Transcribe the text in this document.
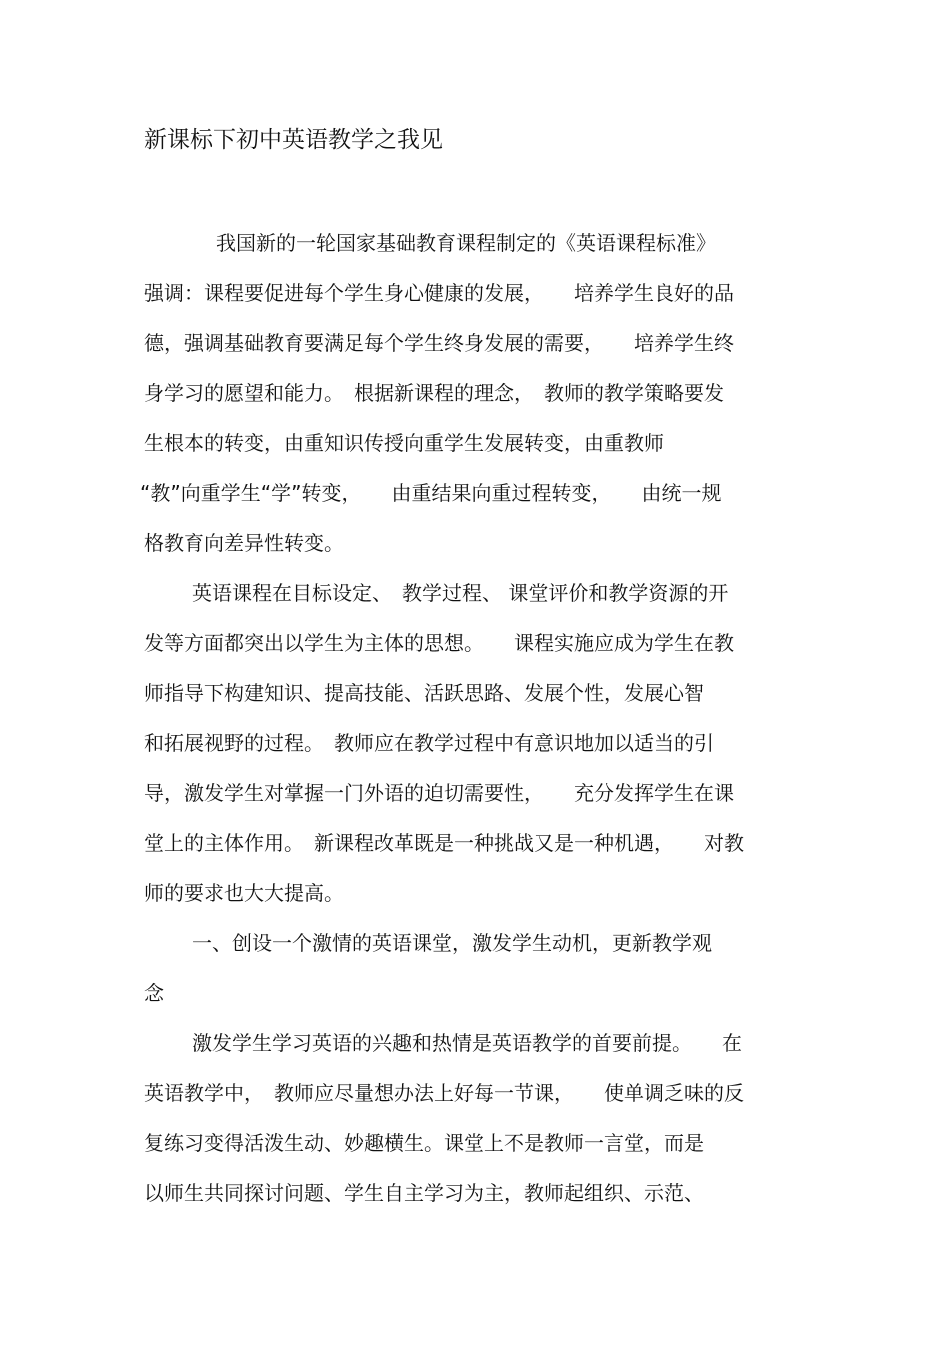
新课标下初中英语教学之我见
我国新的一轮国家基础教育课程制定的《英语课程标准》
强调：课程要促进每个学生身心健康的发展，　　培养学生良好的品
德，强调基础教育要满足每个学生终身发展的需要，　　培养学生终
身学习的愿望和能力。　根据新课程的理念，　教师的教学策略要发
生根本的转变，由重知识传授向重学生发展转变，由重教师
“教”向重学生“学”转变，　　由重结果向重过程转变，　　由统一规
格教育向差异性转变。
英语课程在目标设定、　教学过程、 课堂评价和教学资源的开
发等方面都突出以学生为主体的思想。　　课程实施应成为学生在教
师指导下构建知识、提高技能、活跃思路、发展个性，发展心智
和拓展视野的过程。　教师应在教学过程中有意识地加以适当的引
导，激发学生对掌握一门外语的迫切需要性，　　充分发挥学生在课
堂上的主体作用。　新课程改革既是一种挑战又是一种机遇，　　对教
师的要求也大大提高。
一、创设一个激情的英语课堂，激发学生动机，更新教学观
念
激发学生学习英语的兴趣和热情是英语教学的首要前提。　　在
英语教学中，　教师应尽量想办法上好每一节课，　　使单调乏味的反
复练习变得活泼生动、妙趣横生。课堂上不是教师一言堂，而是
以师生共同探讨问题、学生自主学习为主，教师起组织、示范、
